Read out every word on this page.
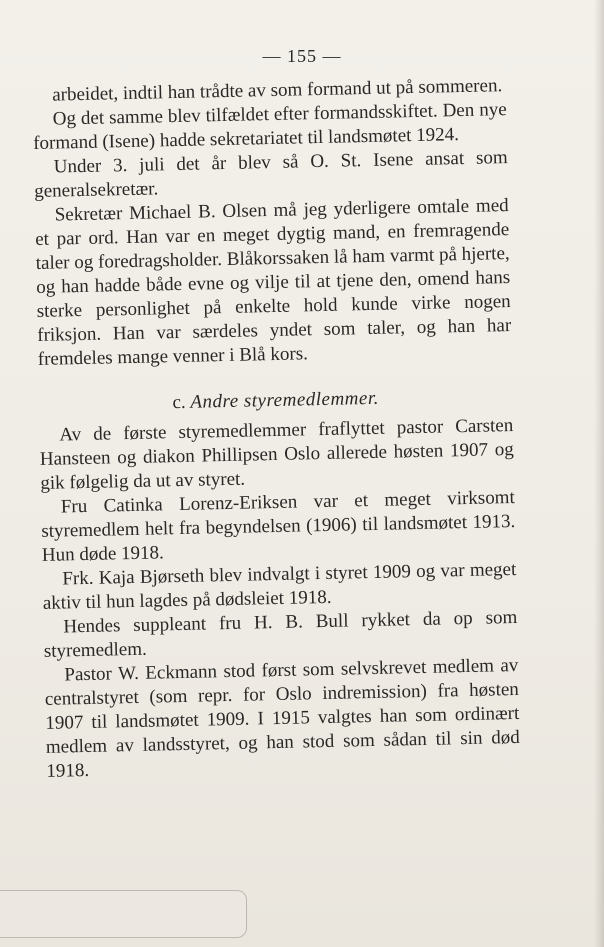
— 155 —

arbeidet, indtil han trådte av som formand ut på sommeren.

Og det samme blev tilfældet efter formandsskiftet. Den nye formand (Isene) hadde sekretariatet til landsmøtet 1924.

Under 3. juli det år blev så O. St. Isene ansat som generalsekretær.

Sekretær Michael B. Olsen må jeg yderligere omtale med et par ord. Han var en meget dygtig mand, en fremragende taler og foredragsholder. Blåkorssaken lå ham varmt på hjerte, og han hadde både evne og vilje til at tjene den, omend hans sterke personlighet på enkelte hold kunde virke nogen friksjon. Han var særdeles yndet som taler, og han har fremdeles mange venner i Blå kors.

c. Andre styremedlemmer.

Av de første styremedlemmer fraflyttet pastor Carsten Hansteen og diakon Phillipsen Oslo allerede høsten 1907 og gik følgelig da ut av styret.

Fru Catinka Lorenz-Eriksen var et meget virksomt styremedlem helt fra begyndelsen (1906) til landsmøtet 1913. Hun døde 1918.

Frk. Kaja Bjørseth blev indvalgt i styret 1909 og var meget aktiv til hun lagdes på dødsleiet 1918.

Hendes suppleant fru H. B. Bull rykket da op som styremedlem.

Pastor W. Eckmann stod først som selvskrevet medlem av centralstyret (som repr. for Oslo indremission) fra høsten 1907 til landsmøtet 1909. I 1915 valgtes han som ordinært medlem av landsstyret, og han stod som sådan til sin død 1918.
